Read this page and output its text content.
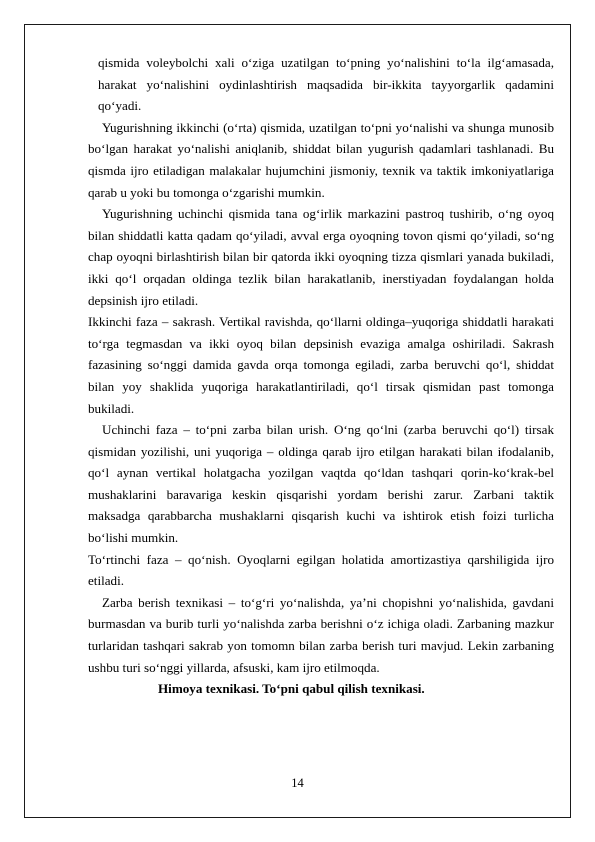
qismida voleybolchi xali o‘ziga uzatilgan to‘pning yo‘nalishini to‘la ilg‘amasada, harakat yo‘nalishini oydinlashtirish maqsadida bir-ikkita tayyorgarlik qadamini qo‘yadi.

Yugurishning ikkinchi (o‘rta) qismida, uzatilgan to‘pni yo‘nalishi va shunga munosib bo‘lgan harakat yo‘nalishi aniqlanib, shiddat bilan yugurish qadamlari tashlanadi. Bu qismda ijro etiladigan malakalar hujumchini jismoniy, texnik va taktik imkoniyatlariga qarab u yoki bu tomonga o‘zgarishi mumkin.

Yugurishning uchinchi qismida tana og‘irlik markazini pastroq tushirib, o‘ng oyoq bilan shiddatli katta qadam qo‘yiladi, avval erga oyoqning tovon qismi qo‘yiladi, so‘ng chap oyoqni birlashtirish bilan bir qatorda ikki oyoqning tizza qismlari yanada bukiladi, ikki qo‘l orqadan oldinga tezlik bilan harakatlanib, inerstiyadan foydalangan holda depsinish ijro etiladi.

Ikkinchi faza – sakrash. Vertikal ravishda, qo‘llarni oldinga–yuqoriga shiddatli harakati to‘rga tegmasdan va ikki oyoq bilan depsinish evaziga amalga oshiriladi. Sakrash fazasining so‘nggi damida gavda orqa tomonga egiladi, zarba beruvchi qo‘l, shiddat bilan yoy shaklida yuqoriga harakatlantiriladi, qo‘l tirsak qismidan past tomonga bukiladi.

Uchinchi faza – to‘pni zarba bilan urish. O‘ng qo‘lni (zarba beruvchi qo‘l) tirsak qismidan yozilishi, uni yuqoriga – oldinga qarab ijro etilgan harakati bilan ifodalanib, qo‘l aynan vertikal holatgacha yozilgan vaqtda qo‘ldan tashqari qorin-ko‘krak-bel mushaklarini baravariga keskin qisqarishi yordam berishi zarur. Zarbani taktik maksadga qarabbarcha mushaklarni qisqarish kuchi va ishtirok etish foizi turlicha bo‘lishi mumkin.

To‘rtinchi faza – qo‘nish. Oyoqlarni egilgan holatida amortizastiya qarshiligida ijro etiladi.

Zarba berish texnikasi – to‘g‘ri yo‘nalishda, ya’ni chopishni yo‘nalishida, gavdani burmasdan va burib turli yo‘nalishda zarba berishni o‘z ichiga oladi. Zarbaning mazkur turlaridan tashqari sakrab yon tomomn bilan zarba berish turi mavjud. Lekin zarbaning ushbu turi so‘nggi yillarda, afsuski, kam ijro etilmoqda.

Himoya texnikasi. To‘pni qabul qilish texnikasi.

14
